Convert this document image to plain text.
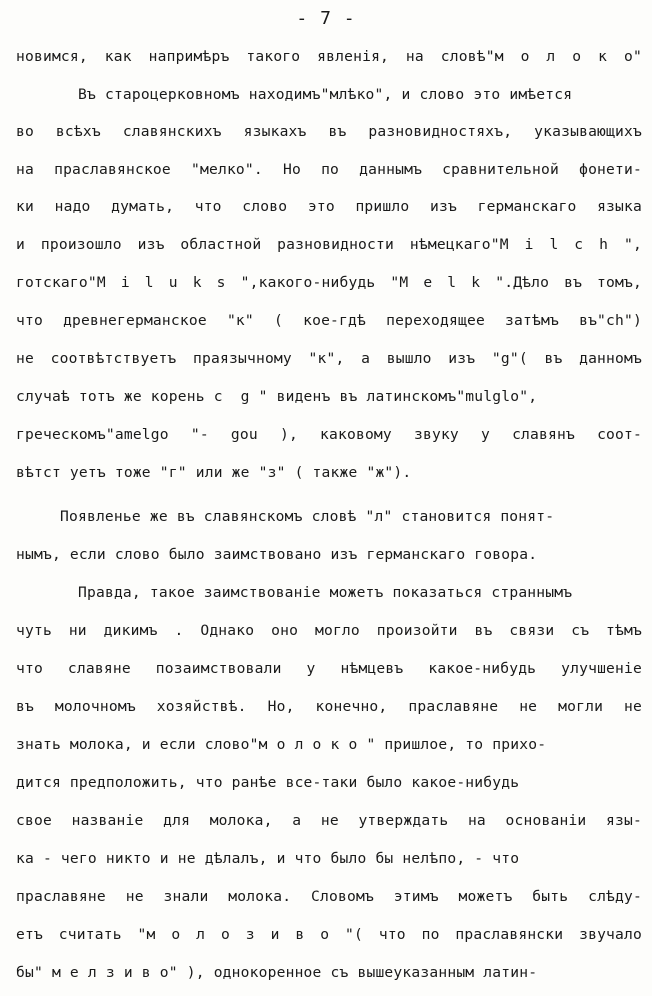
- 7 -
новимся, как напримѣръ такого явленія, на словѣ"м о л о к о"
Въ староцерковномъ находимъ"млѣко", и слово это имѣется
во всѣхъ славянскихъ языкахъ въ разновидностяхъ, указывающихъ
на праславянское "мелко". Но по даннымъ сравнительной фонети-
ки надо думать, что слово это пришло изъ германскаго языка
и произошло изъ областной разновидности нѣмецкаго"M i l c h ",
готскаго"M i l u k s ",какого-нибудь "M e l k ".Дѣло въ томъ,
что древнегерманское "к" ( кое-гдѣ переходящее затѣмъ въ"ch")
не соотвѣтствуетъ праязычному "к", а вышло изъ "g"( въ данномъ
случаѣ тотъ же корень с  g " виденъ въ латинскомъ"mulglo",
греческомъ"amelgo "- gou ), каковому звуку у славянъ соот-
вѣтст уетъ тоже "г" или же "з" ( также "ж").
Появленье же въ славянскомъ словѣ "л" становится понят-
нымъ, если слово было заимствовано изъ германскаго говора.
Правда, такое заимствованіе можетъ показаться страннымъ
чуть ни дикимъ . Однако оно могло произойти въ связи съ тѣмъ
что славяне позаимствовали у нѣмцевъ какое-нибудь улучшеніе
въ молочномъ хозяйствѣ. Но, конечно, праславяне не могли не
знать молока, и если слово"м о л о к о " пришлое, то прихо-
дится предположить, что ранѣе все-таки было какое-нибудь
свое названіе для молока, а не утверждать на основаніи язы-
ка - чего никто и не дѣлалъ, и что было бы нелѣпо, - что
праславяне не знали молока. Словомъ этимъ можетъ быть слѣду-
етъ считать "м о л о з и в о "( что по праславянски звучало
бы" м е л з и в о" ), однокоренное съ вышеуказанным латин-
